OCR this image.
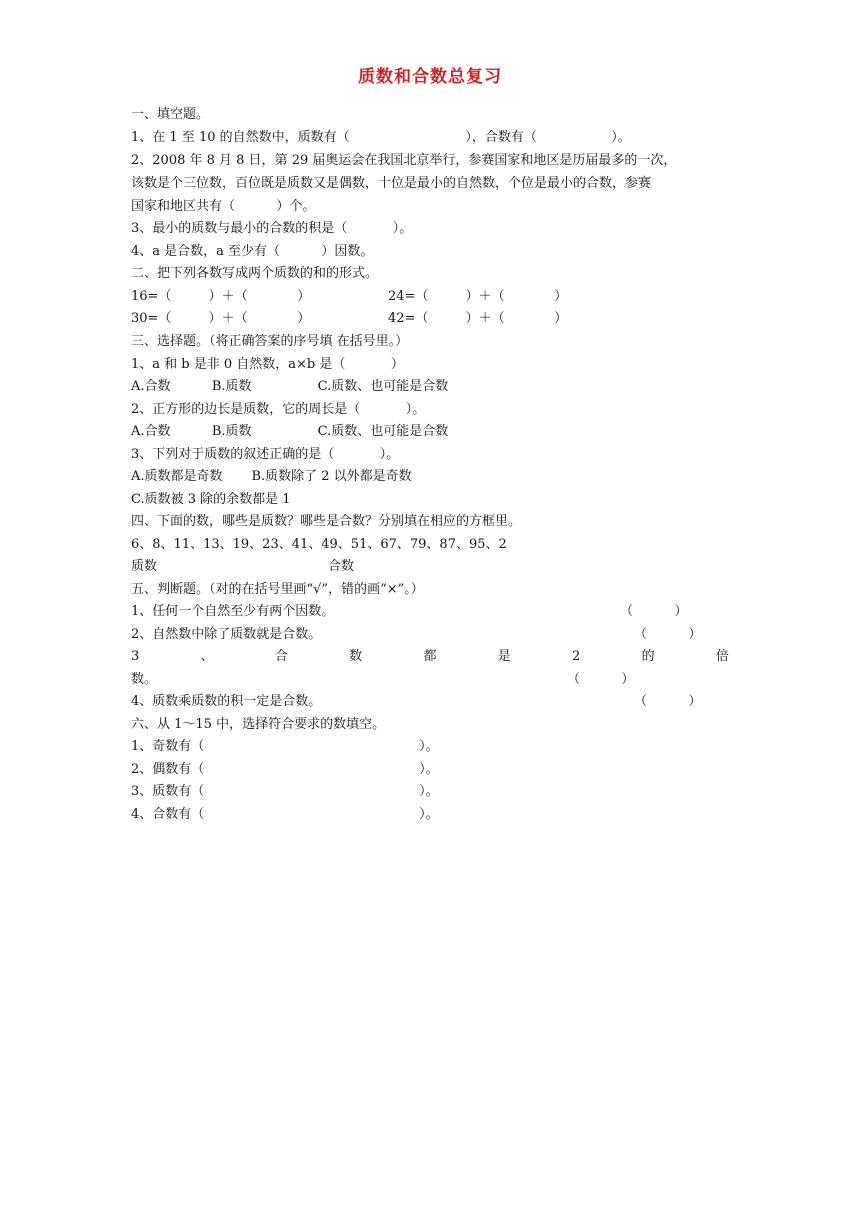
质数和合数总复习
一、填空题。
1、在 1 至 10 的自然数中，质数有（                            ），合数有（                  ）。
2、2008 年 8 月 8 日，第 29 届奥运会在我国北京举行，参赛国家和地区是历届最多的一次，
该数是个三位数，百位既是质数又是偶数，十位是最小的自然数，个位是最小的合数，参赛
国家和地区共有（          ）个。
3、最小的质数与最小的合数的积是（           ）。
4、a 是合数，a 至少有（          ）因数。
二、把下列各数写成两个质数的和的形式。
16=（         ）＋（            ）	24=（         ）＋（            ）
30=（         ）＋（            ）	42=（         ）＋（            ）
三、选择题。（将正确答案的序号填 在括号里。）
1、a 和 b 是非 0 自然数，a×b 是（           ）
A.合数          B.质数                C.质数、也可能是合数
2、正方形的边长是质数，它的周长是（           ）。
A.合数          B.质数                C.质数、也可能是合数
3、下列对于质数的叙述正确的是（           ）。
A.质数都是奇数       B.质数除了 2 以外都是奇数
C.质数被 3 除的余数都是 1
四、下面的数，哪些是质数？哪些是合数？分别填在相应的方框里。
6、8、11、13、19、23、41、49、51、67、79、87、95、2
质数	合数
五、判断题。（对的在括号里画“√”，错的画“×”。）
1、任何一个自然至少有两个因数。	（          ）
2、自然数中除了质数就是合数。	（          ）
3	、	合	数	都	是	2	的	倍
数。	（          ）
4、质数乘质数的积一定是合数。	（          ）
六、从 1～15 中，选择符合要求的数填空。
1、奇数有（                                                    ）。
2、偶数有（                                                    ）。
3、质数有（                                                    ）。
4、合数有（                                                    ）。
